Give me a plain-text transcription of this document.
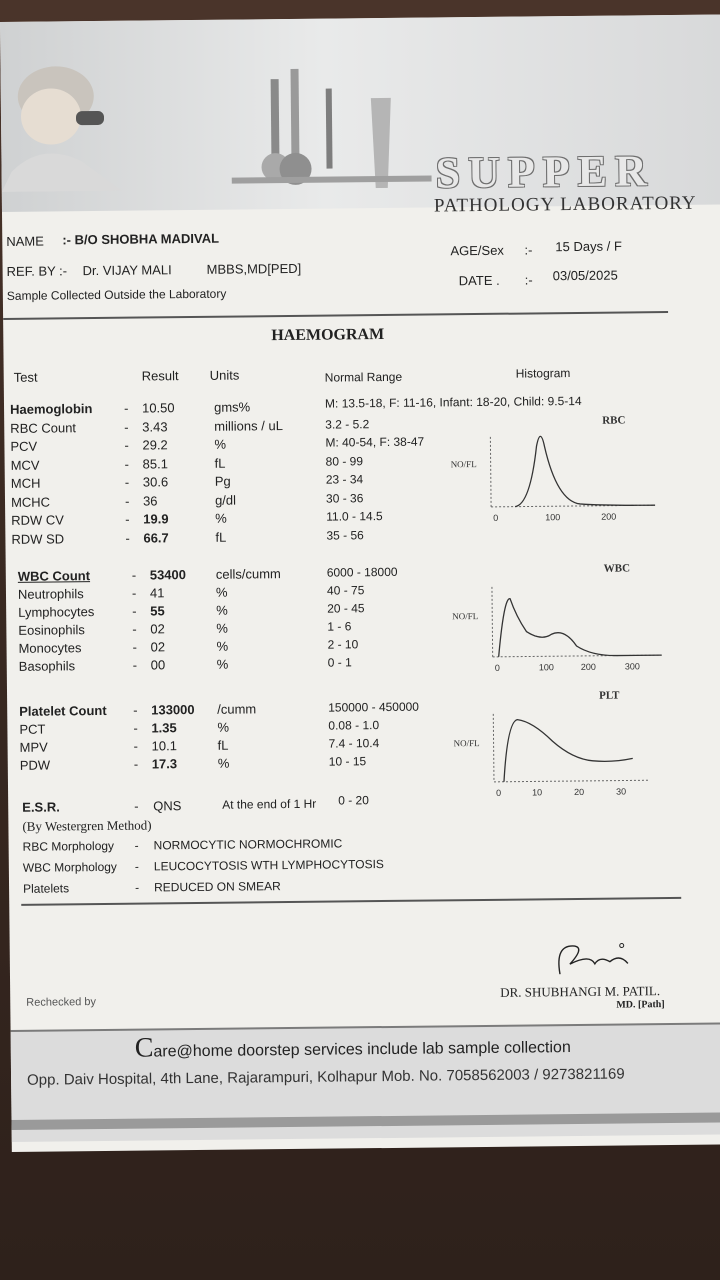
SUPPER
PATHOLOGY LABORATORY
NAME :- B/O SHOBHA MADIVAL
REF. BY :- Dr. VIJAY MALI	MBBS,MD[PED]
Sample Collected Outside the Laboratory
AGE/Sex :- 15 Days / F
DATE . :- 03/05/2025
HAEMOGRAM
Test	Result Units	Normal Range	Histogram
E.S.R.	- QNS	At the end of 1 Hr 0 - 20
(By Westergren Method)
RBC
NO/FL
0	100	200
WBC
NO/FL
0	100	200	300
PLT
NO/FL
0	10	20	30
Rechecked by
DR. SHUBHANGI M. PATIL.
MD. [Path]
Care@home doorstep services include lab sample collection
Opp. Daiv Hospital, 4th Lane, Rajarampuri, Kolhapur Mob. No. 7058562003 / 9273821169
Haemoglobin - 10.50	gms%	M: 13.5-18, F: 11-16, Infant: 18-20, Child: 9.5-14
RBC Count	- 3.43	millions / uL	3.2 - 5.2
PCV	- 29.2	%	M: 40-54, F: 38-47
MCV	- 85.1	fL	80 - 99
MCH	- 30.6	Pg	23 - 34
MCHC	- 36	g/dl	30 - 36
RDW CV	- 19.9	%	11.0 - 14.5
RDW SD	- 66.7	fL	35 - 56
WBC Count	- 53400 cells/cumm	6000 - 18000
Neutrophils	- 41	%	40 - 75
Lymphocytes	- 55	%	20 - 45
Eosinophils	- 02	%	1 - 6
Monocytes	- 02	%	2 - 10
Basophils	- 00	%	0 - 1
Platelet Count - 133000 /cumm	150000 - 450000
PCT	- 1.35	%	0.08 - 1.0
MPV	- 10.1	fL	7.4 - 10.4
PDW	- 17.3	%	10 - 15
RBC Morphology - NORMOCYTIC NORMOCHROMIC
WBC Morphology - LEUCOCYTOSIS WTH LYMPHOCYTOSIS
Platelets	- REDUCED ON SMEAR
